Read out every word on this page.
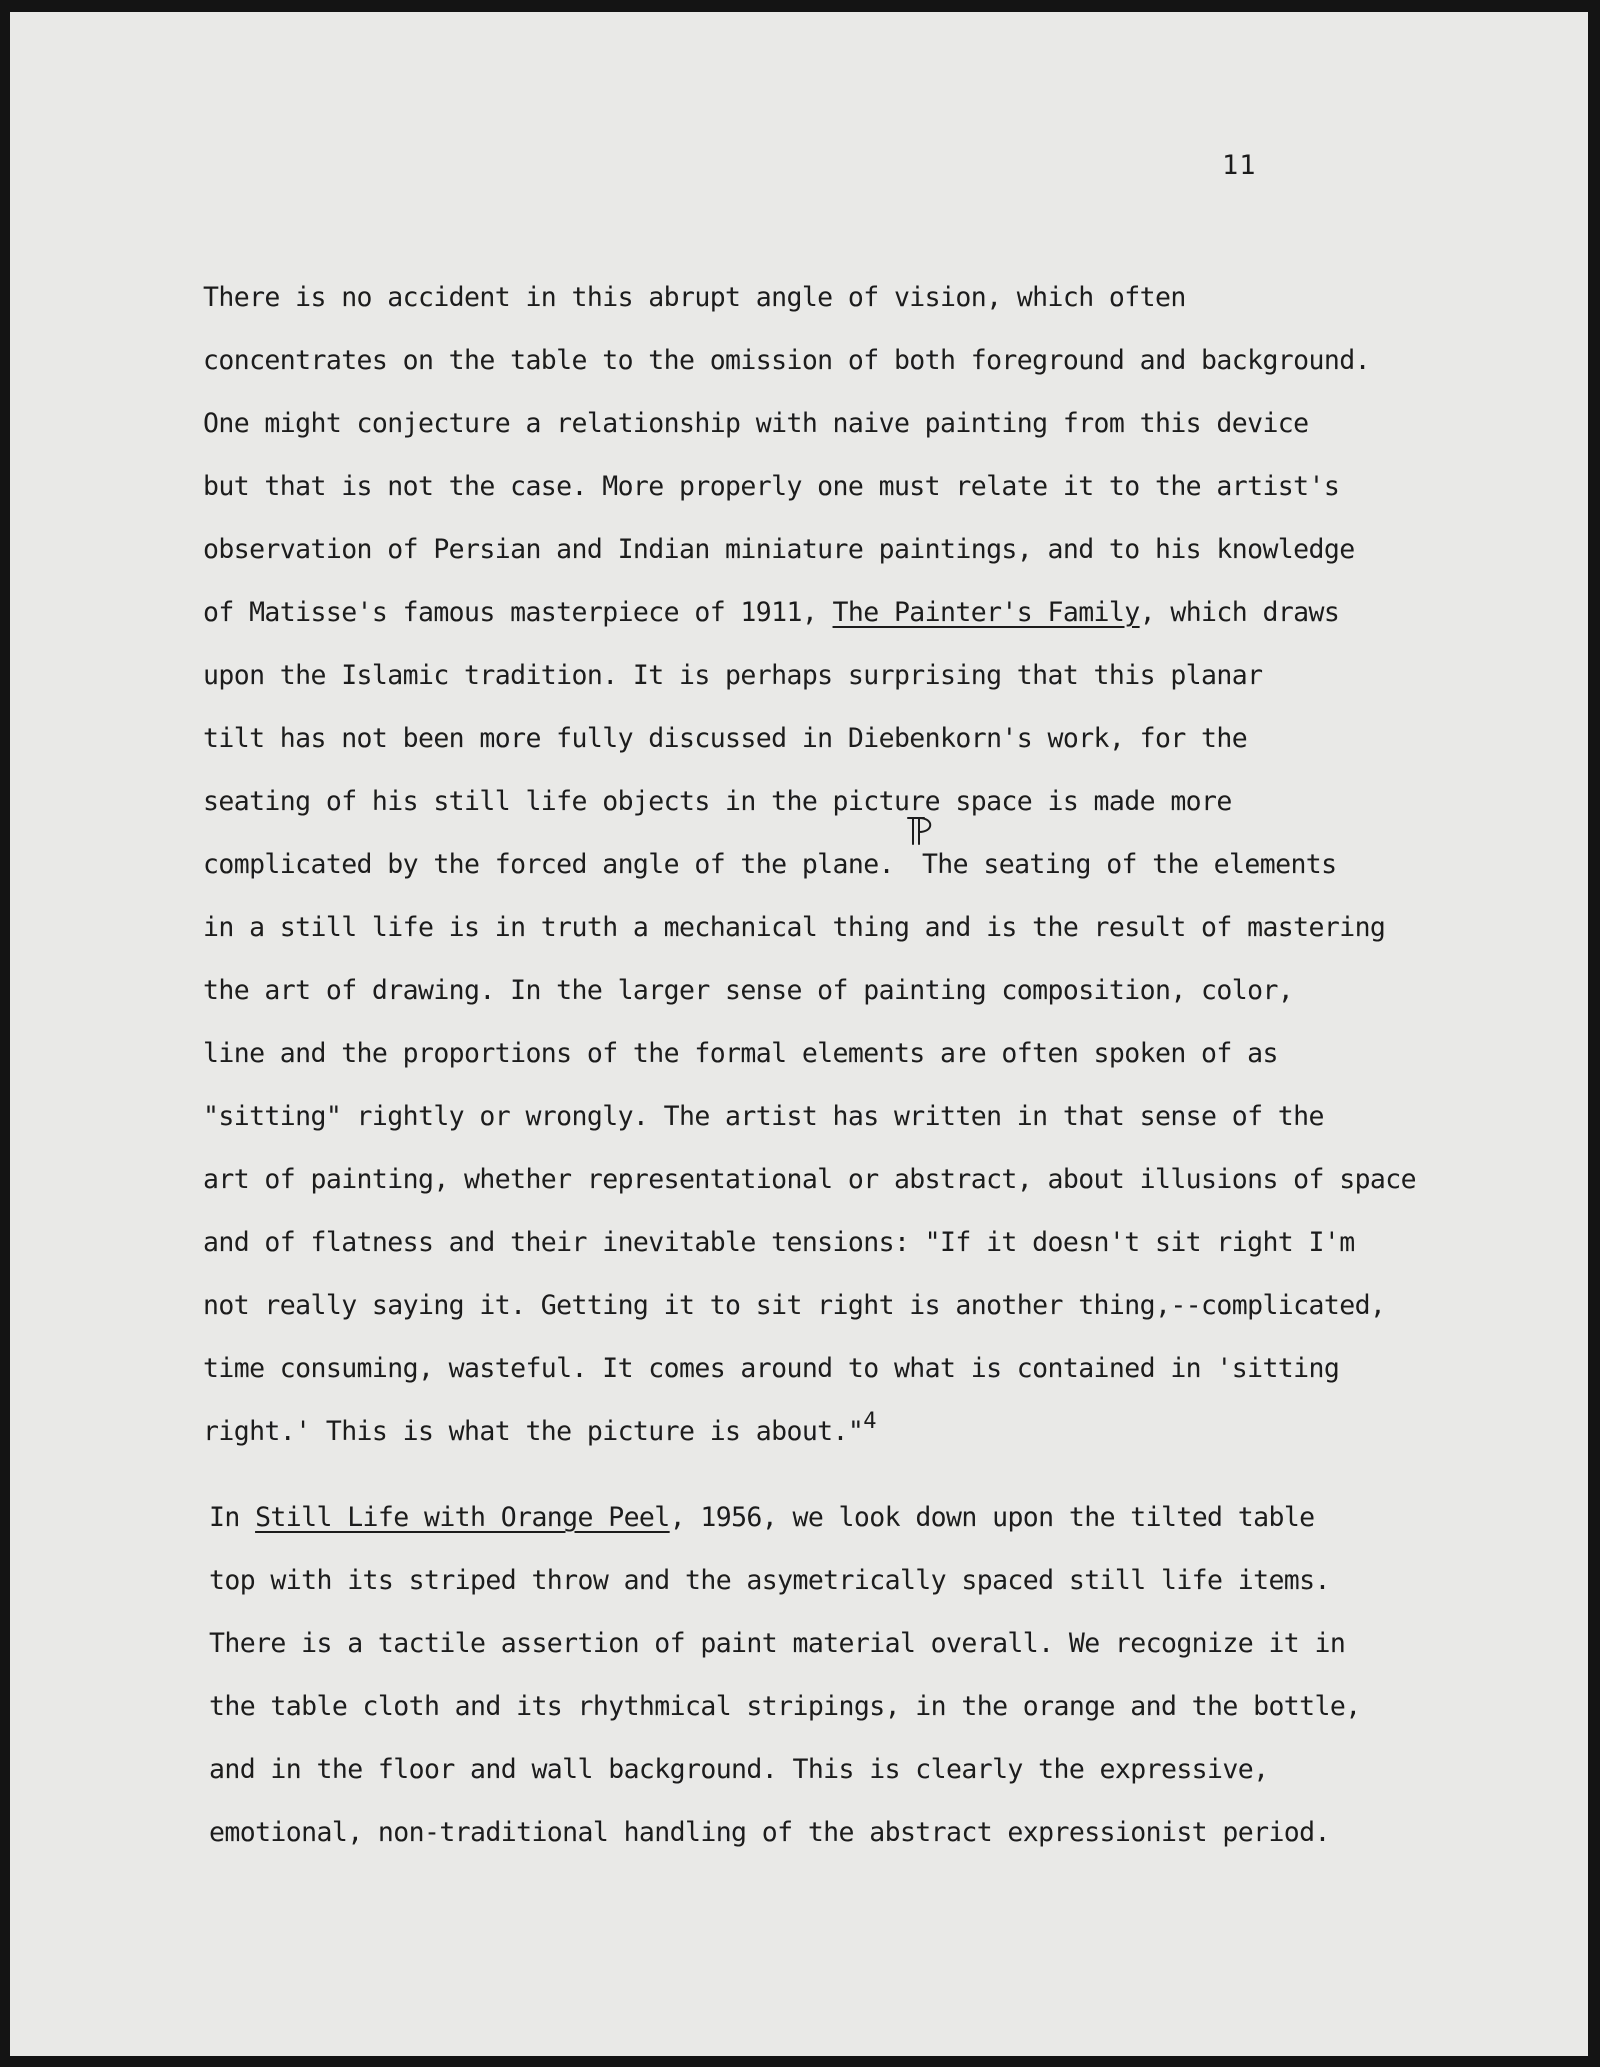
11
There is no accident in this abrupt angle of vision, which often
concentrates on the table to the omission of both foreground and background.
One might conjecture a relationship with naive painting from this device
but that is not the case. More properly one must relate it to the artist's
observation of Persian and Indian miniature paintings, and to his knowledge
of Matisse's famous masterpiece of 1911, The Painter's Family, which draws
upon the Islamic tradition. It is perhaps surprising that this planar
tilt has not been more fully discussed in Diebenkorn's work, for the
seating of his still life objects in the picture space is made more
complicated by the forced angle of the plane. The seating of the elements
in a still life is in truth a mechanical thing and is the result of mastering
the art of drawing. In the larger sense of painting composition, color,
line and the proportions of the formal elements are often spoken of as
"sitting" rightly or wrongly. The artist has written in that sense of the
art of painting, whether representational or abstract, about illusions of space
and of flatness and their inevitable tensions: "If it doesn't sit right I'm
not really saying it. Getting it to sit right is another thing,--complicated,
time consuming, wasteful. It comes around to what is contained in 'sitting
right.' This is what the picture is about."$^4$
In Still Life with Orange Peel, 1956, we look down upon the tilted table
top with its striped throw and the asymetrically spaced still life items.
There is a tactile assertion of paint material overall. We recognize it in
the table cloth and its rhythmical stripings, in the orange and the bottle,
and in the floor and wall background. This is clearly the expressive,
emotional, non-traditional handling of the abstract expressionist period.
